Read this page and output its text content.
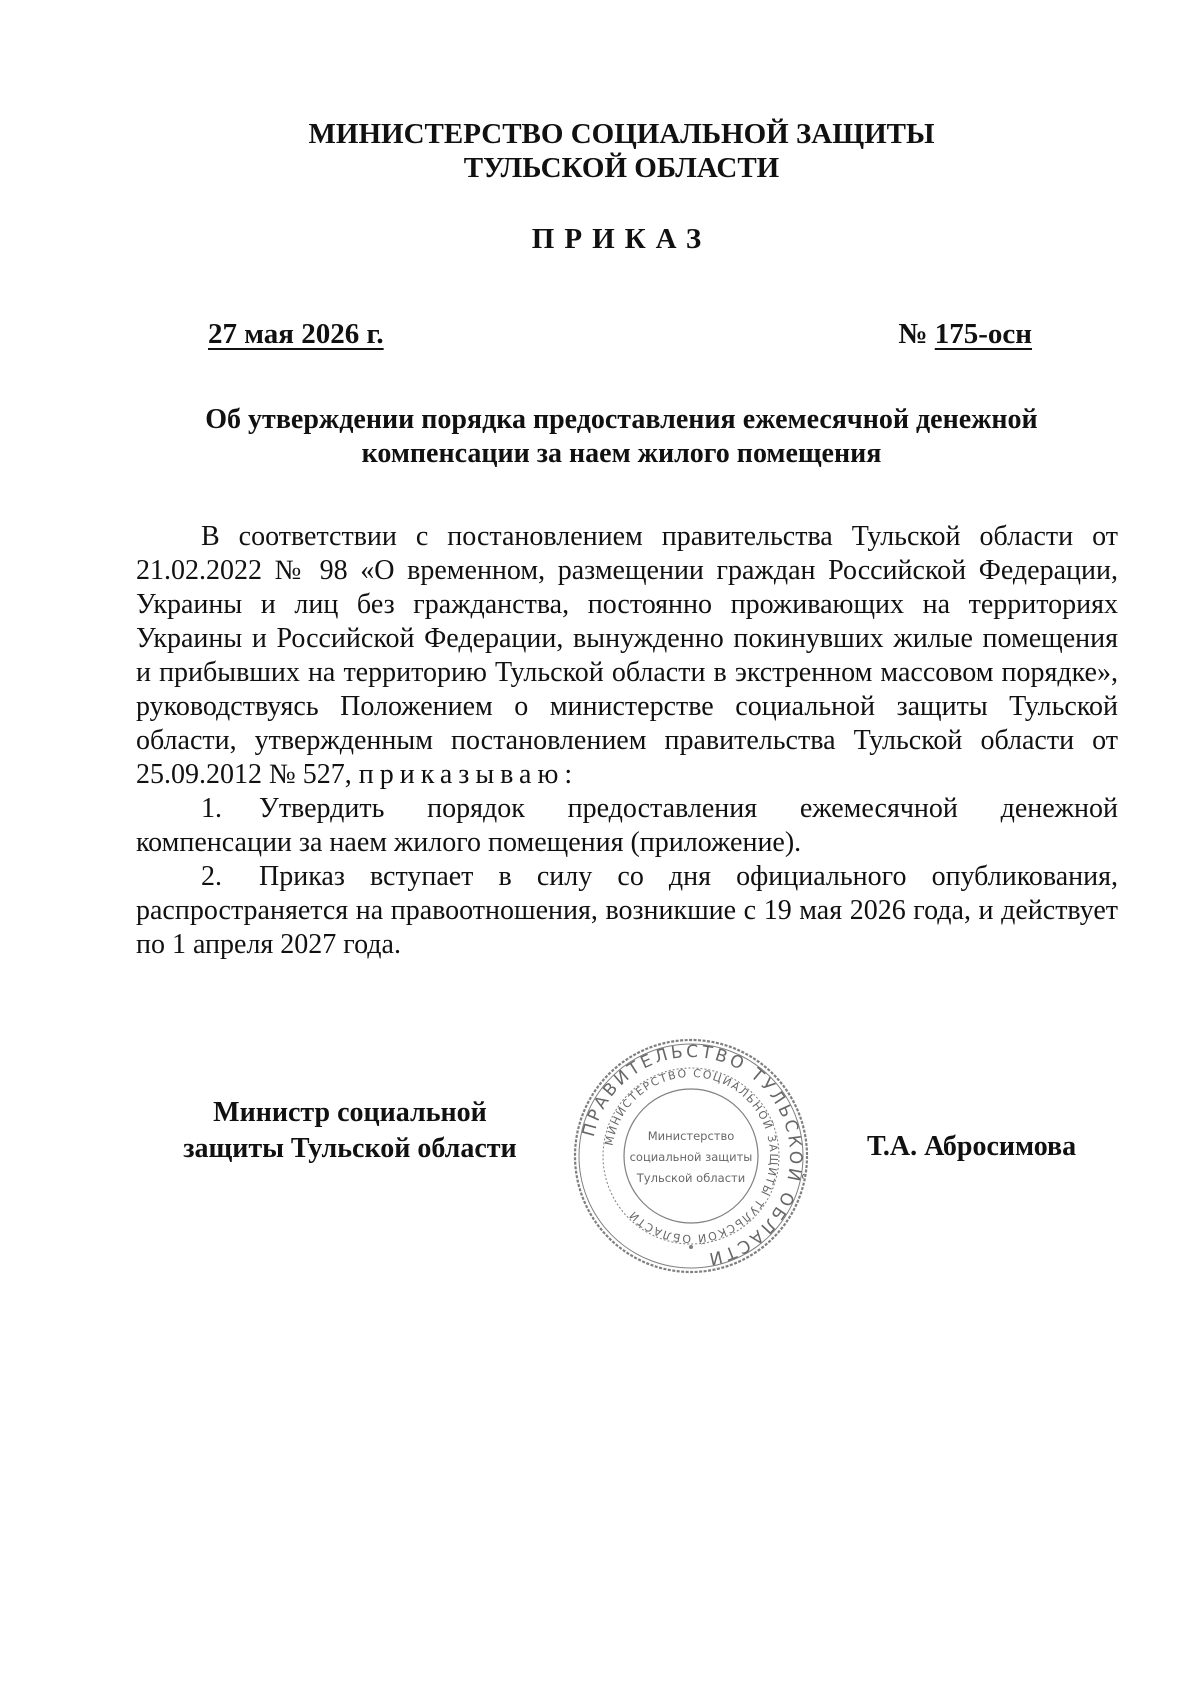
МИНИСТЕРСТВО СОЦИАЛЬНОЙ ЗАЩИТЫ
ТУЛЬСКОЙ ОБЛАСТИ
ПРИКАЗ
27 мая 2026 г.	№ 175-осн
Об утверждении порядка предоставления ежемесячной денежной
компенсации за наем жилого помещения

В соответствии с постановлением правительства Тульской области от 21.02.2022 № 98 «О временном, размещении граждан Российской Федерации, Украины и лиц без гражданства, постоянно проживающих на территориях Украины и Российской Федерации, вынужденно покинувших жилые помещения и прибывших на территорию Тульской области в экстренном массовом порядке», руководствуясь Положением о министерстве социальной защиты Тульской области, утвержденным постановлением правительства Тульской области от 25.09.2012 № 527, приказываю:

1. Утвердить порядок предоставления ежемесячной денежной компенсации за наем жилого помещения (приложение).

2. Приказ вступает в силу со дня официального опубликования, распространяется на правоотношения, возникшие с 19 мая 2026 года, и действует по 1 апреля 2027 года.

Министр социальной
защиты Тульской области
ПРАВИТЕЛЬСТВО ТУЛЬСКОЙ ОБЛАСТИ
МИНИСТЕРСТВО СОЦИАЛЬНОЙ ЗАЩИТЫ ТУЛЬСКОЙ ОБЛАСТИ
Министерство
социальной защиты
Тульской области
Т.А. Абросимова
